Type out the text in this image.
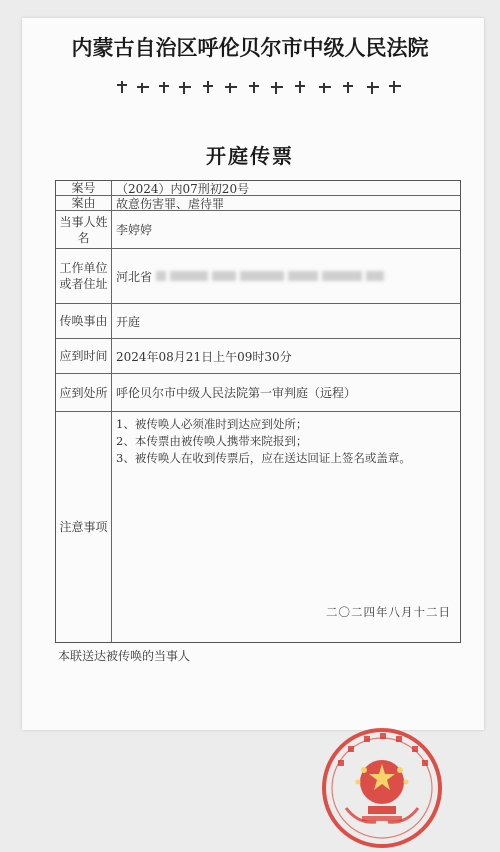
内蒙古自治区呼伦贝尔市中级人民法院
开庭传票
案号	（2024）内07刑初20号
案由	故意伤害罪、虐待罪
当事人姓名
李婷婷
工作单位或者住址
河北省
传唤事由 开庭
应到时间 2024年08月21日上午09时30分
应到处所 呼伦贝尔市中级人民法院第一审判庭（远程）
注意事项

1、被传唤人必须准时到达应到处所；

2、本传票由被传唤人携带来院报到；

3、被传唤人在收到传票后，应在送达回证上签名或盖章。

二〇二四年八月十二日
本联送达被传唤的当事人
